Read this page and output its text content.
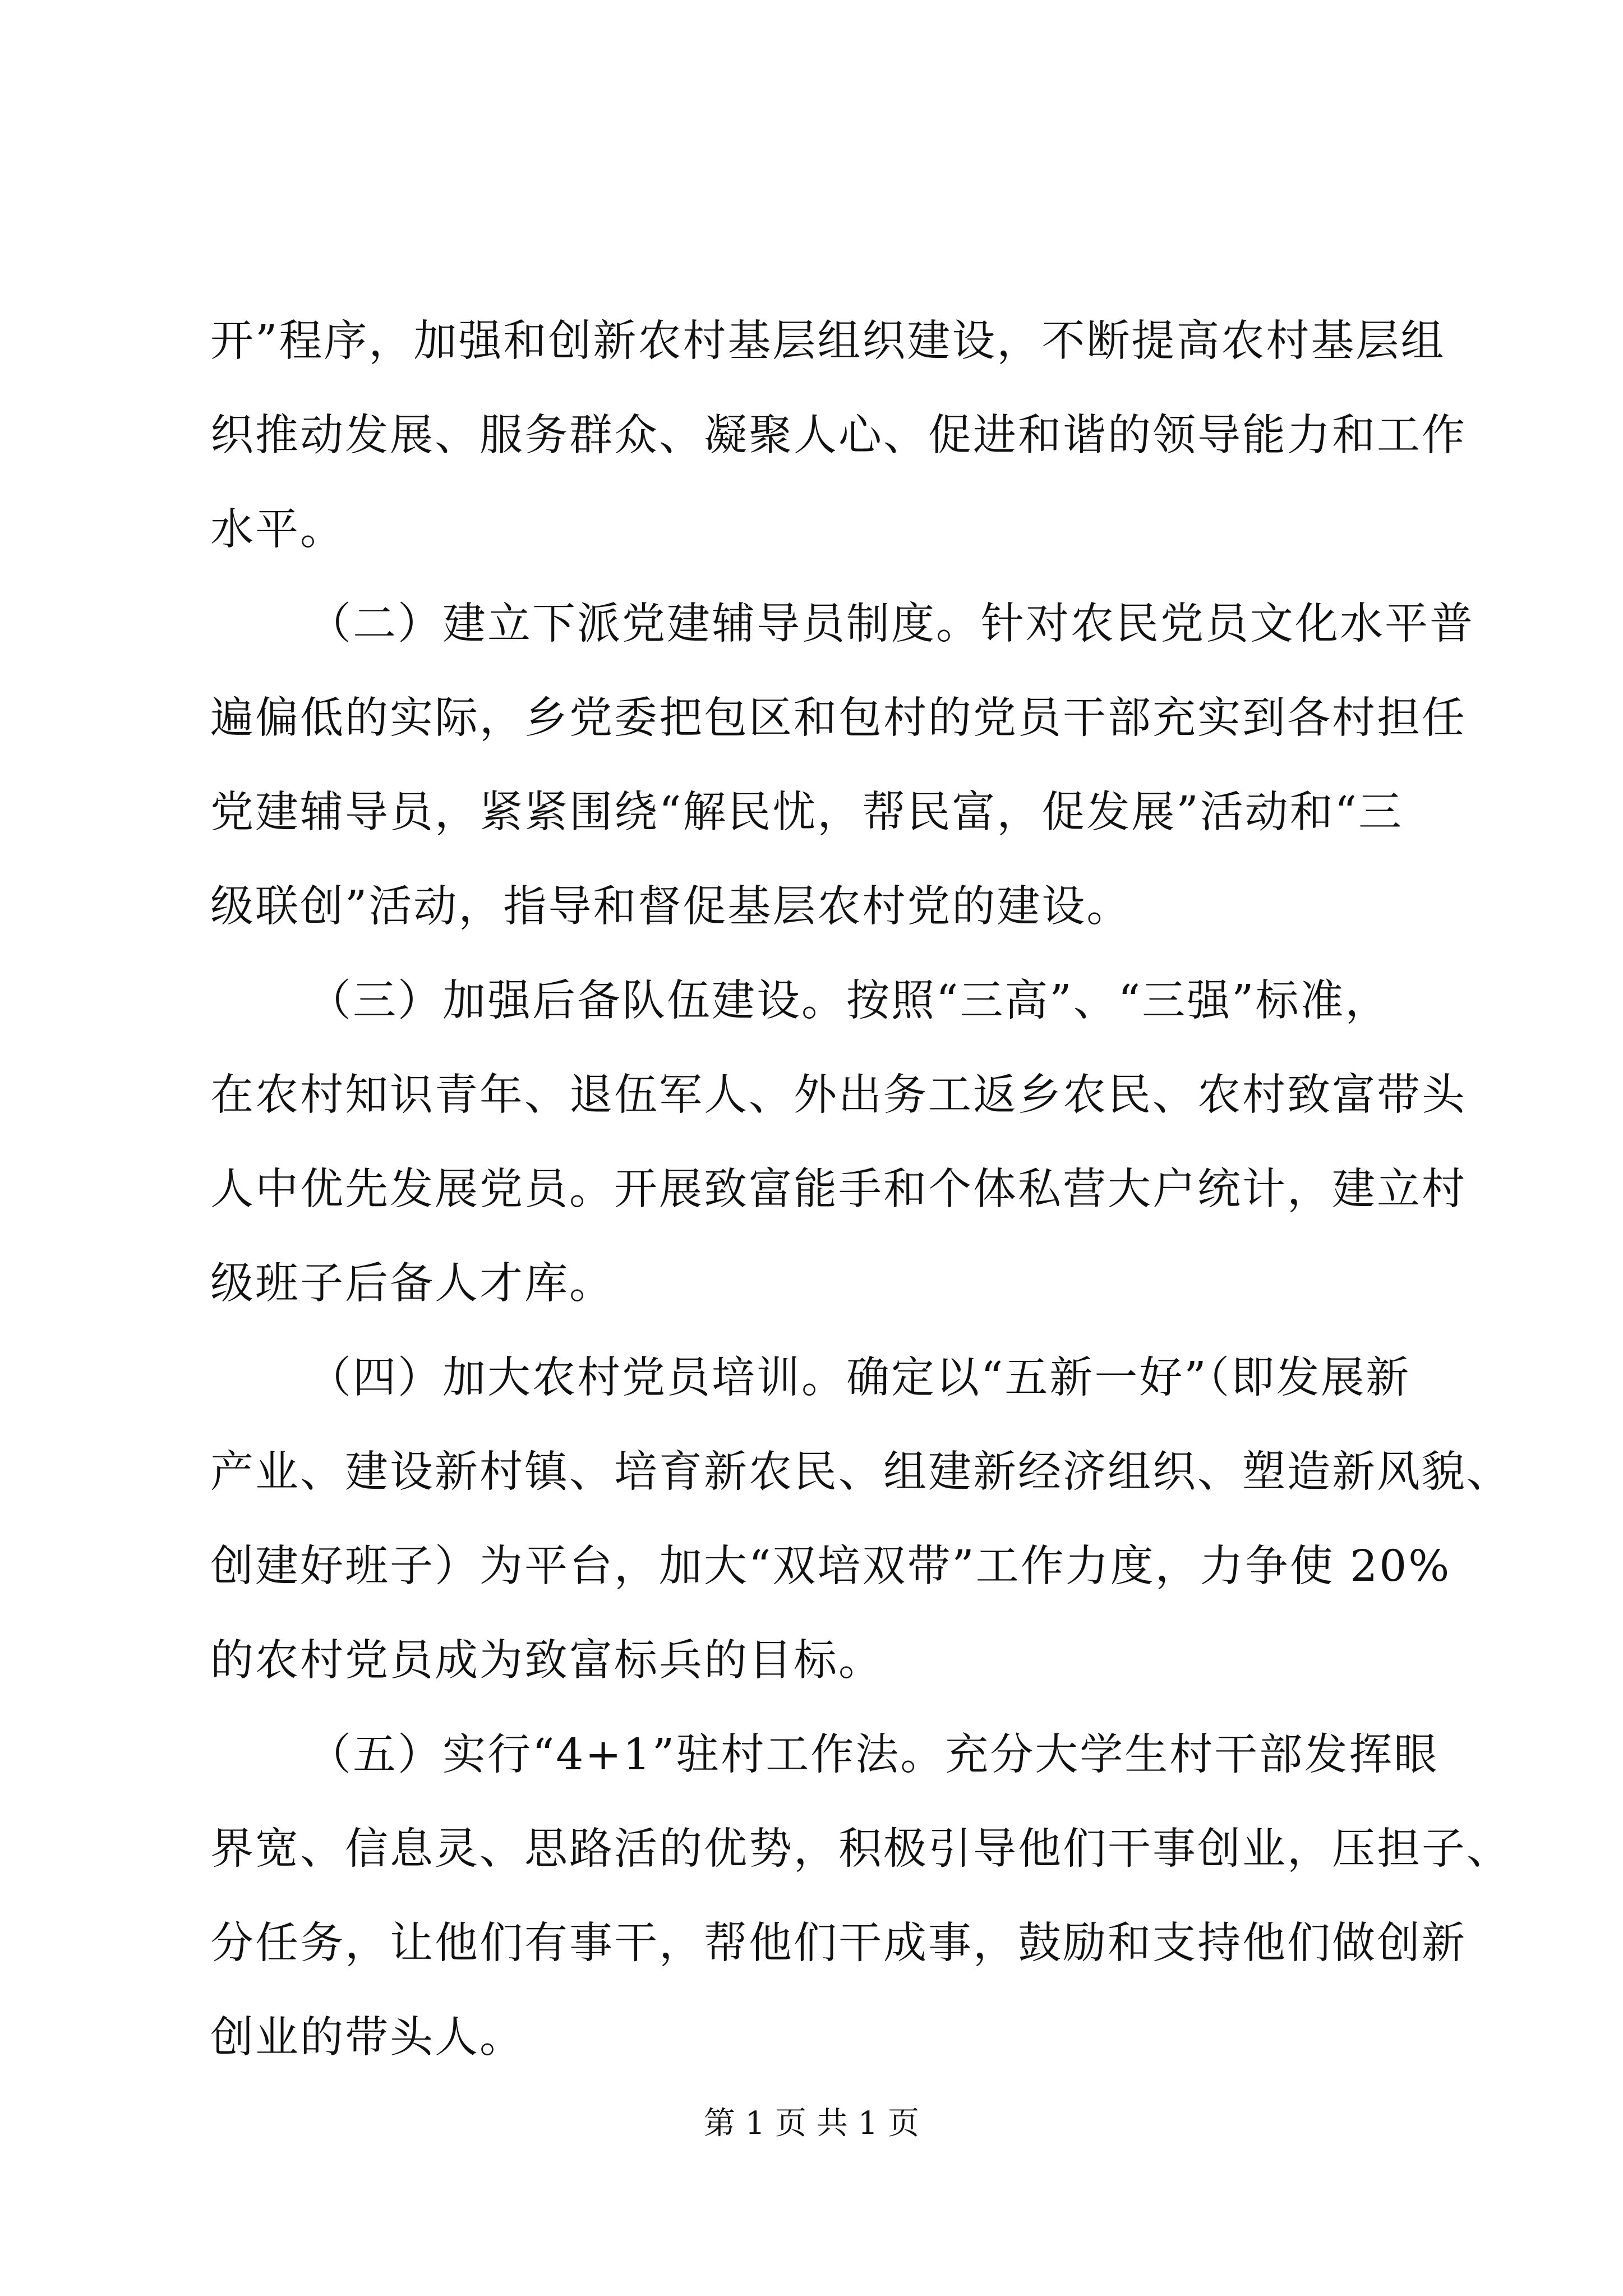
开”程序，加强和创新农村基层组织建设，不断提高农村基层组
织推动发展、服务群众、凝聚人心、促进和谐的领导能力和工作
水平。
（二）建立下派党建辅导员制度。针对农民党员文化水平普
遍偏低的实际，乡党委把包区和包村的党员干部充实到各村担任
党建辅导员，紧紧围绕“解民忧，帮民富，促发展”活动和“三
级联创”活动，指导和督促基层农村党的建设。
（三）加强后备队伍建设。按照“三高”、“三强”标准，
在农村知识青年、退伍军人、外出务工返乡农民、农村致富带头
人中优先发展党员。开展致富能手和个体私营大户统计，建立村
级班子后备人才库。
（四）加大农村党员培训。确定以“五新一好”（即发展新
产业、建设新村镇、培育新农民、组建新经济组织、塑造新风貌、
创建好班子）为平台，加大“双培双带”工作力度，力争使 20%
的农村党员成为致富标兵的目标。
（五）实行“4+1”驻村工作法。充分大学生村干部发挥眼
界宽、信息灵、思路活的优势，积极引导他们干事创业，压担子、
分任务，让他们有事干，帮他们干成事，鼓励和支持他们做创新
创业的带头人。
第 1 页 共 1 页
